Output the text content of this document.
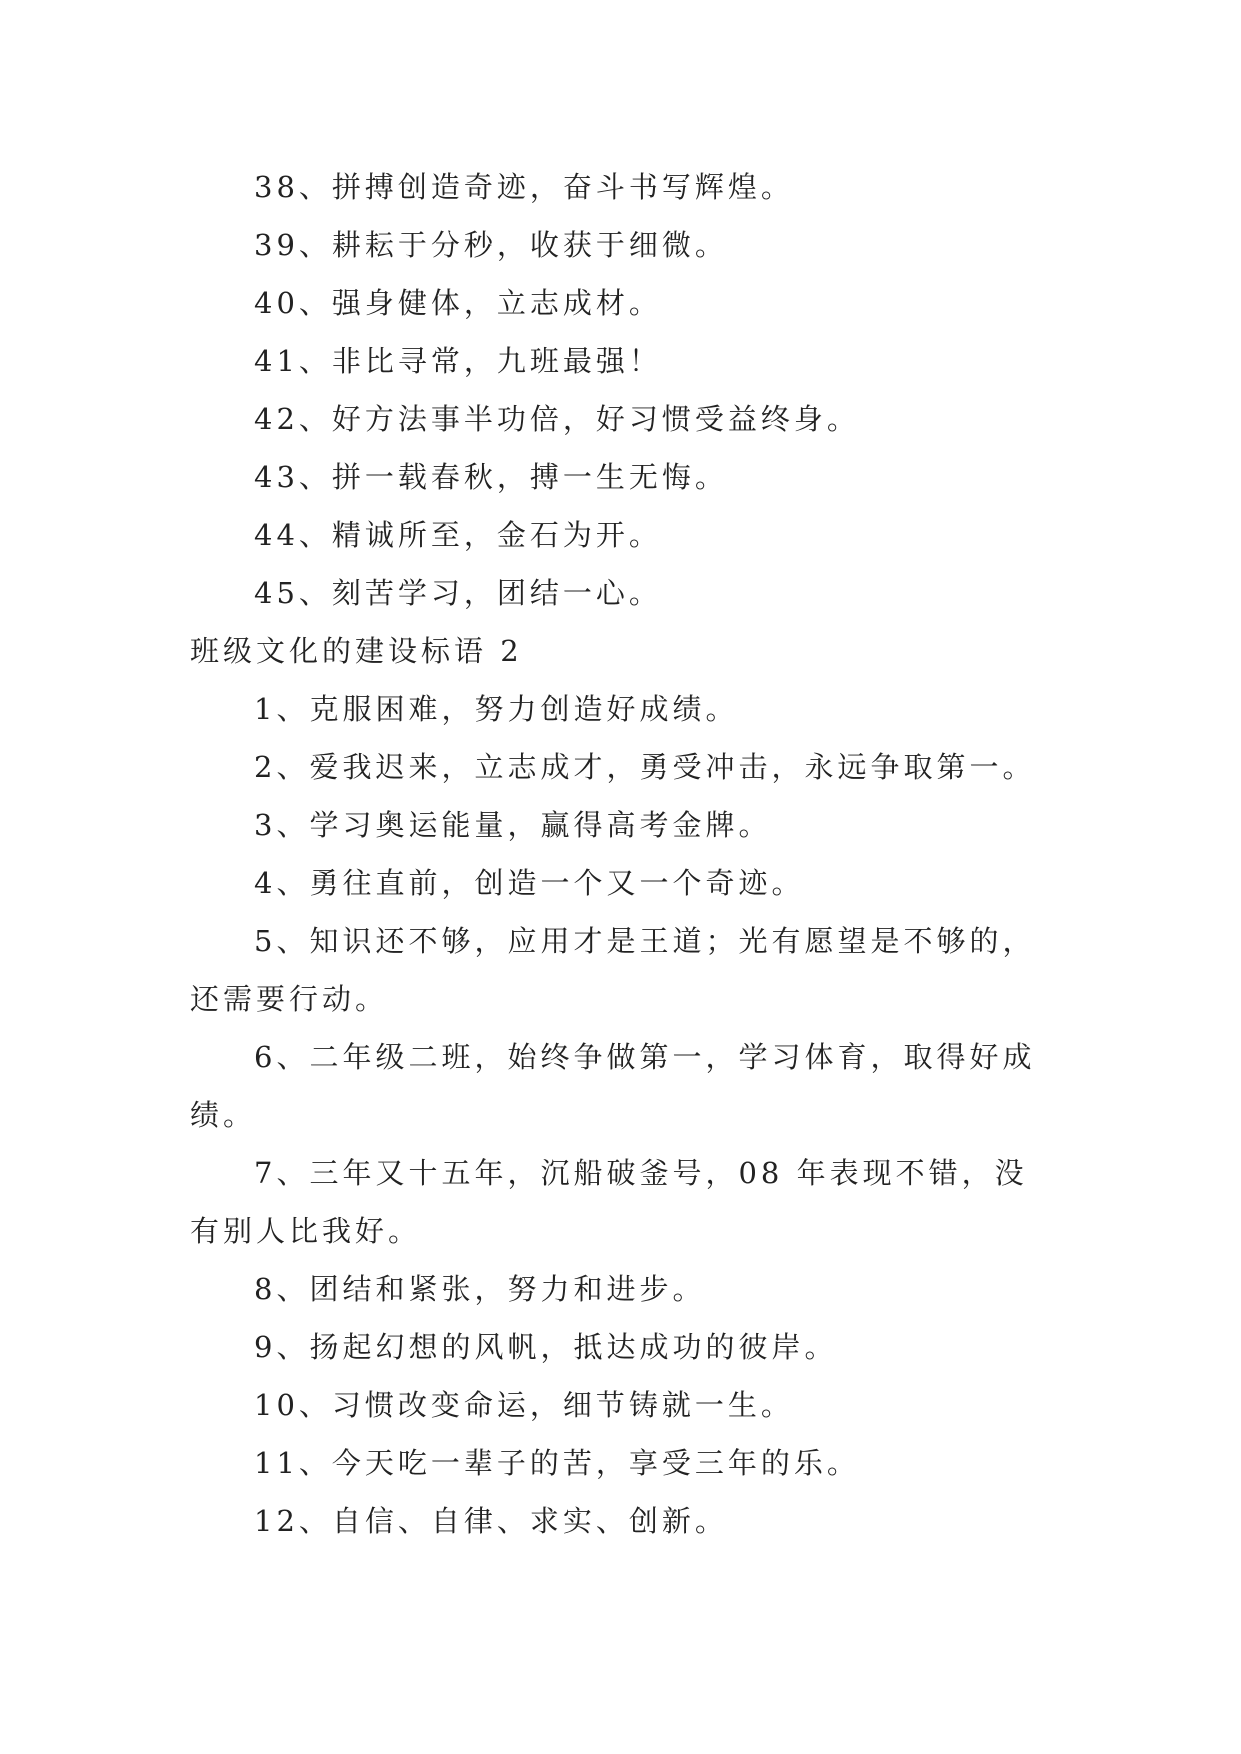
38、拼搏创造奇迹，奋斗书写辉煌。

39、耕耘于分秒，收获于细微。

40、强身健体，立志成材。

41、非比寻常，九班最强！

42、好方法事半功倍，好习惯受益终身。

43、拼一载春秋，搏一生无悔。

44、精诚所至，金石为开。

45、刻苦学习，团结一心。

班级文化的建设标语 2

1、克服困难，努力创造好成绩。

2、爱我迟来，立志成才，勇受冲击，永远争取第一。

3、学习奥运能量，赢得高考金牌。

4、勇往直前，创造一个又一个奇迹。

5、知识还不够，应用才是王道；光有愿望是不够的，还需要行动。

6、二年级二班，始终争做第一，学习体育，取得好成绩。

7、三年又十五年，沉船破釜号，08 年表现不错，没有别人比我好。

8、团结和紧张，努力和进步。

9、扬起幻想的风帆，抵达成功的彼岸。

10、习惯改变命运，细节铸就一生。

11、今天吃一辈子的苦，享受三年的乐。

12、自信、自律、求实、创新。
